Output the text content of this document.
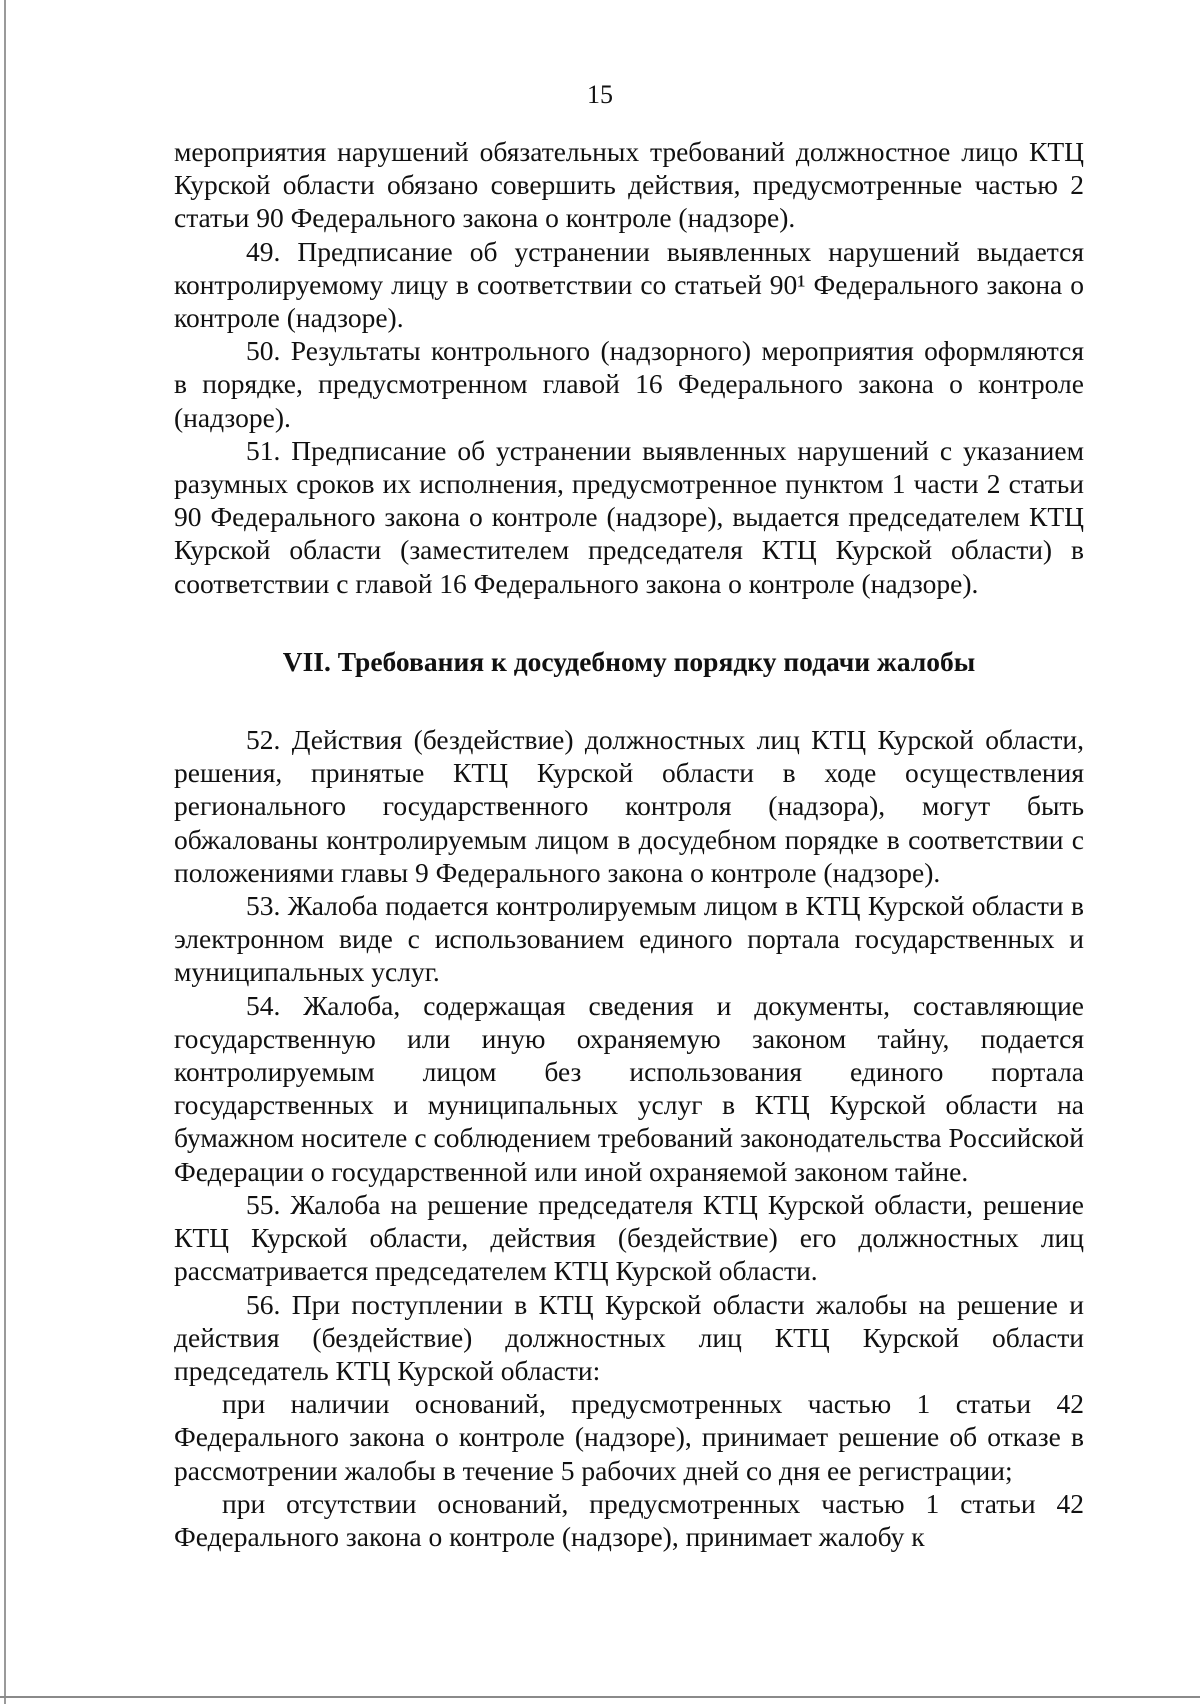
15

мероприятия нарушений обязательных требований должностное лицо КТЦ Курской области обязано совершить действия, предусмотренные частью 2 статьи 90 Федерального закона о контроле (надзоре).

49. Предписание об устранении выявленных нарушений выдается контролируемому лицу в соответствии со статьей 90¹ Федерального закона о контроле (надзоре).

50. Результаты контрольного (надзорного) мероприятия оформляются в порядке, предусмотренном главой 16 Федерального закона о контроле (надзоре).

51. Предписание об устранении выявленных нарушений с указанием разумных сроков их исполнения, предусмотренное пунктом 1 части 2 статьи 90 Федерального закона о контроле (надзоре), выдается председателем КТЦ Курской области (заместителем председателя КТЦ Курской области) в соответствии с главой 16 Федерального закона о контроле (надзоре).

VII. Требования к досудебному порядку подачи жалобы

52. Действия (бездействие) должностных лиц КТЦ Курской области, решения, принятые КТЦ Курской области в ходе осуществления регионального государственного контроля (надзора), могут быть обжалованы контролируемым лицом в досудебном порядке в соответствии с положениями главы 9 Федерального закона о контроле (надзоре).

53. Жалоба подается контролируемым лицом в КТЦ Курской области в электронном виде с использованием единого портала государственных и муниципальных услуг.

54. Жалоба, содержащая сведения и документы, составляющие государственную или иную охраняемую законом тайну, подается контролируемым лицом без использования единого портала государственных и муниципальных услуг в КТЦ Курской области на бумажном носителе с соблюдением требований законодательства Российской Федерации о государственной или иной охраняемой законом тайне.

55. Жалоба на решение председателя КТЦ Курской области, решение КТЦ Курской области, действия (бездействие) его должностных лиц рассматривается председателем КТЦ Курской области.

56. При поступлении в КТЦ Курской области жалобы на решение и действия (бездействие) должностных лиц КТЦ Курской области председатель КТЦ Курской области:

при наличии оснований, предусмотренных частью 1 статьи 42 Федерального закона о контроле (надзоре), принимает решение об отказе в рассмотрении жалобы в течение 5 рабочих дней со дня ее регистрации;

при отсутствии оснований, предусмотренных частью 1 статьи 42 Федерального закона о контроле (надзоре), принимает жалобу к
